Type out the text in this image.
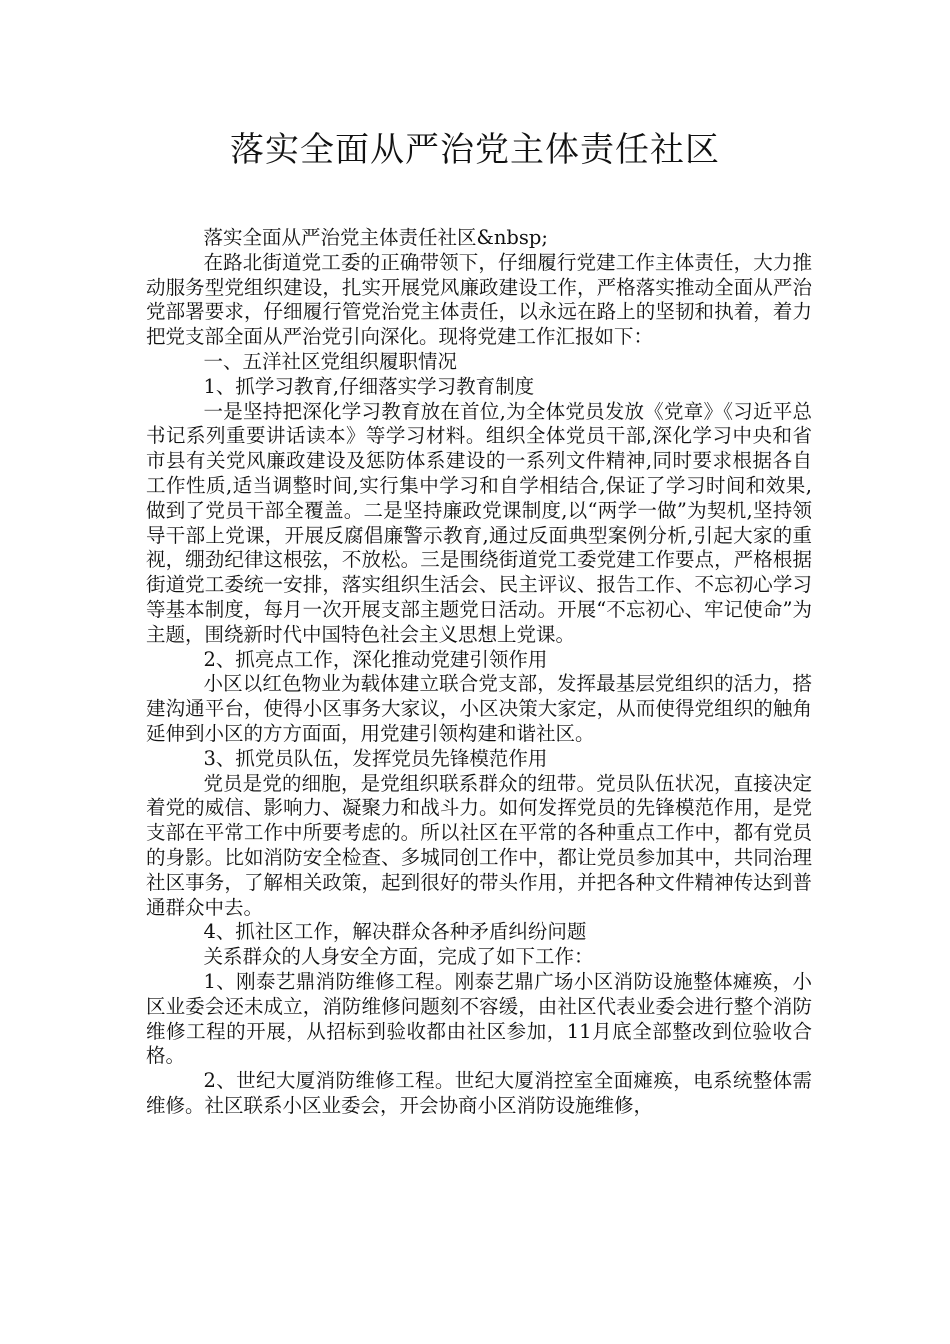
落实全面从严治党主体责任社区

落实全面从严治党主体责任社区&nbsp;

在路北街道党工委的正确带领下，仔细履行党建工作主体责任，大力推动服务型党组织建设，扎实开展党风廉政建设工作，严格落实推动全面从严治党部署要求，仔细履行管党治党主体责任，以永远在路上的坚韧和执着，着力把党支部全面从严治党引向深化。现将党建工作汇报如下：

一、五洋社区党组织履职情况

1、抓学习教育,仔细落实学习教育制度

一是坚持把深化学习教育放在首位,为全体党员发放《党章》《习近平总书记系列重要讲话读本》等学习材料。组织全体党员干部,深化学习中央和省市县有关党风廉政建设及惩防体系建设的一系列文件精神,同时要求根据各自工作性质,适当调整时间,实行集中学习和自学相结合,保证了学习时间和效果,做到了党员干部全覆盖。二是坚持廉政党课制度,以“两学一做”为契机,坚持领导干部上党课，开展反腐倡廉警示教育,通过反面典型案例分析,引起大家的重视，绷劲纪律这根弦，不放松。三是围绕街道党工委党建工作要点，严格根据街道党工委统一安排，落实组织生活会、民主评议、报告工作、不忘初心学习等基本制度，每月一次开展支部主题党日活动。开展“不忘初心、牢记使命”为主题，围绕新时代中国特色社会主义思想上党课。

2、抓亮点工作，深化推动党建引领作用

小区以红色物业为载体建立联合党支部，发挥最基层党组织的活力，搭建沟通平台，使得小区事务大家议，小区决策大家定，从而使得党组织的触角延伸到小区的方方面面，用党建引领构建和谐社区。

3、抓党员队伍，发挥党员先锋模范作用

党员是党的细胞，是党组织联系群众的纽带。党员队伍状况，直接决定着党的威信、影响力、凝聚力和战斗力。如何发挥党员的先锋模范作用，是党支部在平常工作中所要考虑的。所以社区在平常的各种重点工作中，都有党员的身影。比如消防安全检查、多城同创工作中，都让党员参加其中，共同治理社区事务，了解相关政策，起到很好的带头作用，并把各种文件精神传达到普通群众中去。

4、抓社区工作，解决群众各种矛盾纠纷问题

关系群众的人身安全方面，完成了如下工作：

1、刚泰艺鼎消防维修工程。刚泰艺鼎广场小区消防设施整体瘫痪，小区业委会还未成立，消防维修问题刻不容缓，由社区代表业委会进行整个消防维修工程的开展，从招标到验收都由社区参加，11月底全部整改到位验收合格。

2、世纪大厦消防维修工程。世纪大厦消控室全面瘫痪，电系统整体需维修。社区联系小区业委会，开会协商小区消防设施维修，
